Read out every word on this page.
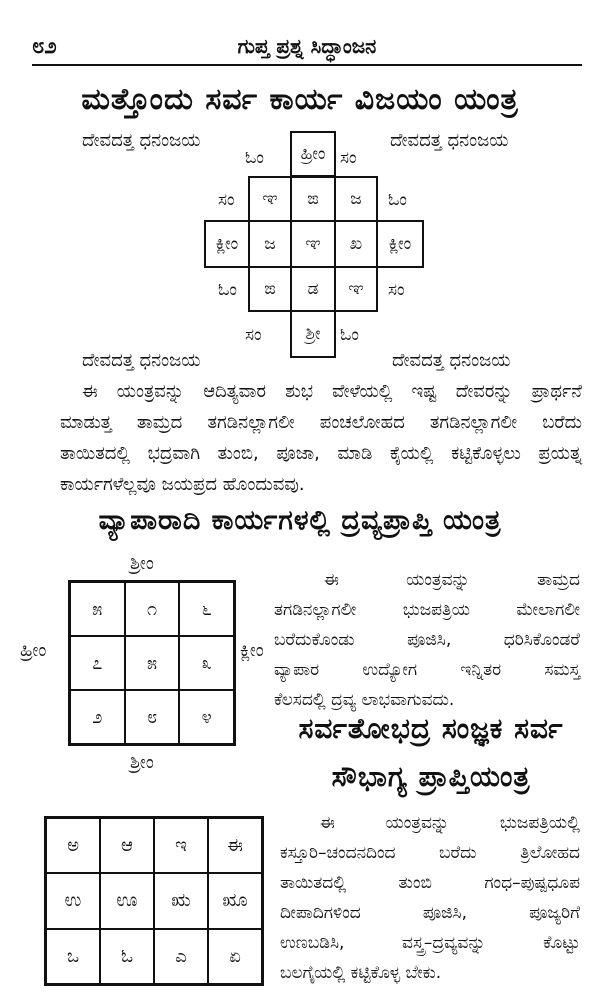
೮೨	ಗುಪ್ತ ಪ್ರಶ್ನ ಸಿದ್ಧಾಂಜನ
ಮತ್ತೊಂದು ಸರ್ವ ಕಾರ್ಯ ವಿಜಯಂ ಯಂತ್ರ
ದೇವದತ್ತ ಧನಂಜಯ	ದೇವದತ್ತ ಧನಂಜಯ
ದೇವದತ್ತ ಧನಂಜಯ	ದೇವದತ್ತ ಧನಂಜಯ
ಓಂ	ಹ್ರೀಂ ಸಂ
ಸಂ	ಞ	ಙ	ಜ	ಓಂ
ಕ್ಲೀಂ	ಜ	ಞ	ಖ	ಕ್ಲೀಂ
ಓಂ	ಙ	ಡ	ಞ	ಸಂ
ಸಂ	ಶ್ರೀ	ಓಂ
ಈ ಯಂತ್ರವನ್ನು ಆದಿತ್ಯವಾರ ಶುಭ ವೇಳೆಯಲ್ಲಿ ಇಷ್ಟ ದೇವರನ್ನು ಪ್ರಾರ್ಥನೆ
ಮಾಡುತ್ತ ತಾಮ್ರದ ತಗಡಿನಲ್ಲಾಗಲೀ ಪಂಚಲೋಹದ ತಗಡಿನಲ್ಲಾಗಲೀ ಬರೆದು
ತಾಯಿತದಲ್ಲಿ ಭದ್ರವಾಗಿ ತುಂಬಿ, ಪೂಜಾ, ಮಾಡಿ ಕೈಯಲ್ಲಿ ಕಟ್ಟಿಕೊಳ್ಳಲು ಪ್ರಯತ್ನ
ಕಾರ್ಯಗಳೆಲ್ಲವೂ ಜಯಪ್ರದ ಹೊಂದುವವು.
ವ್ಯಾಪಾರಾದಿ ಕಾರ್ಯಗಳಲ್ಲಿ ದ್ರವ್ಯಪ್ರಾಪ್ತಿ ಯಂತ್ರ
ಶ್ರೀಂ
ಹ್ರೀಂ	ಕ್ಲೀಂ
ಶ್ರೀಂ
೫	೧	೬
೭	೫	೩
೨	೮	೪
ಈ ಯಂತ್ರವನ್ನು ತಾಮ್ರದ
ತಗಡಿನಲ್ಲಾಗಲೀ ಭುಜಪತ್ರಿಯ ಮೇಲಾಗಲೀ
ಬರೆದುಕೊಂಡು ಪೂಜಿಸಿ, ಧರಿಸಿಕೊಂಡರೆ
ವ್ಯಾಪಾರ ಉದ್ಯೋಗ ಇನ್ನಿತರ ಸಮಸ್ತ
ಕೆಲಸದಲ್ಲಿ ದ್ರವ್ಯ ಲಾಭವಾಗುವದು.
ಸರ್ವತೋಭದ್ರ ಸಂಜ್ಞಕ ಸರ್ವ
ಸೌಭಾಗ್ಯ ಪ್ರಾಪ್ತಿಯಂತ್ರ
ಅ	ಆ	ಇ	ಈ
ಉ	ಊ	ಋ	ೠ
ಒ	ಓ	ಎ	ಏ
ಈ ಯಂತ್ರವನ್ನು ಭುಜಪತ್ರಿಯಲ್ಲಿ
ಕಸ್ತೂರಿ–ಚಂದನದಿಂದ ಬರೆದು ತ್ರಿಲೋಹದ
ತಾಯಿತದಲ್ಲಿ ತುಂಬಿ ಗಂಧ–ಪುಷ್ಪಧೂಪ
ದೀಪಾದಿಗಳಿಂದ ಪೂಜಿಸಿ, ಪೂಜ್ಯರಿಗೆ
ಉಣಬಡಿಸಿ, ವಸ್ತ್ರ–ದ್ರವ್ಯವನ್ನು ಕೊಟ್ಟು
ಬಲಗೈಯಲ್ಲಿ ಕಟ್ಟಿಕೊಳ್ಳ ಬೇಕು.
